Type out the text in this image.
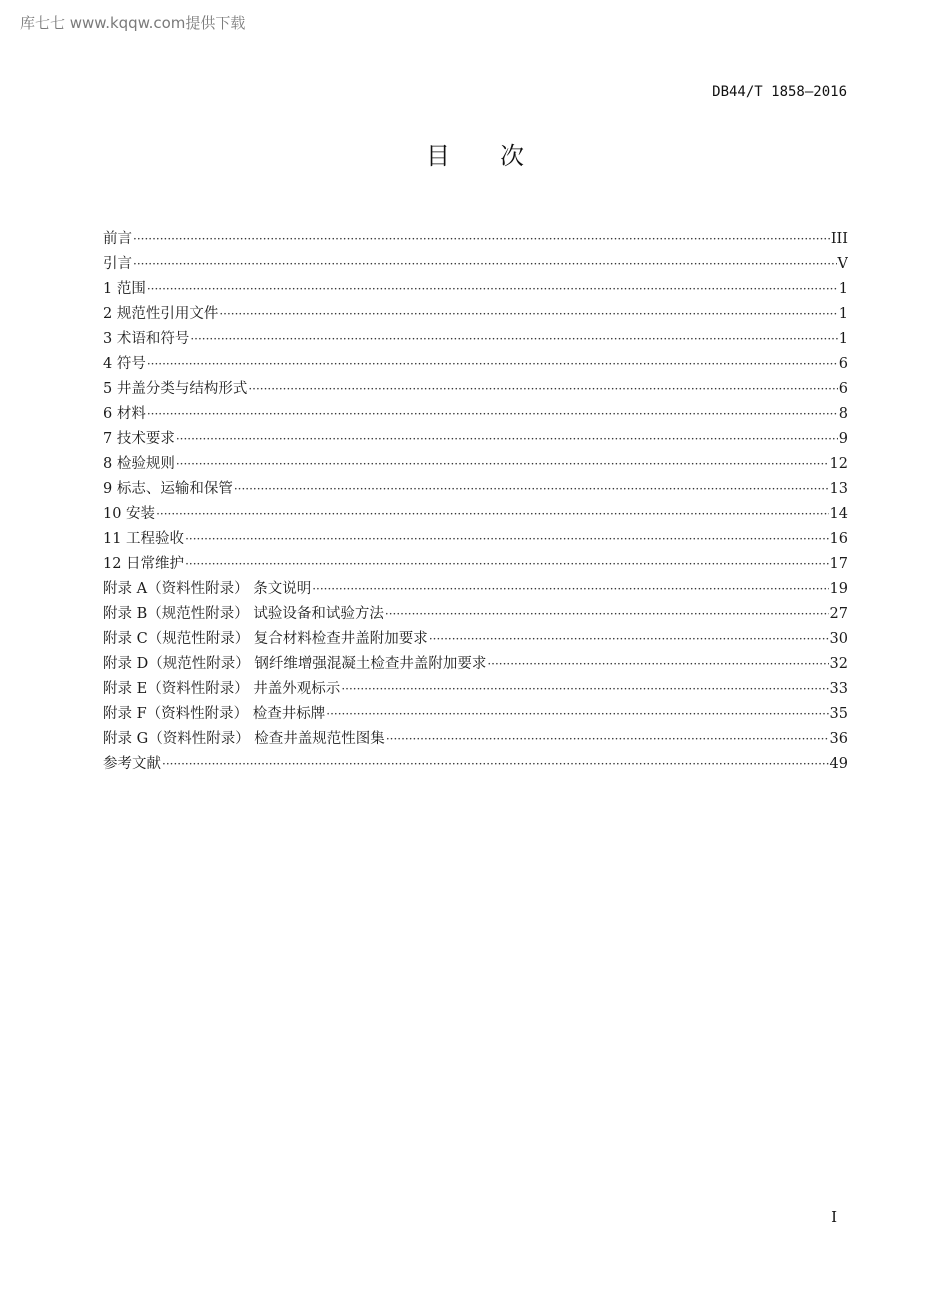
库七七 www.kqqw.com提供下载
DB44/T 1858—2016
目次
前言 ·····	III
引言 ·····	V
1 范围 ·····	1
2 规范性引用文件 ·····	1
3 术语和符号 ·····	1
4 符号 ·····	6
5 井盖分类与结构形式 ·····	6
6 材料 ·····	8
7 技术要求 ·····	9
8 检验规则 ·····	12
9 标志、运输和保管 ·····	13
10 安装 ·····	14
11 工程验收 ·····	16
12 日常维护 ·····	17
附录 A（资料性附录） 条文说明 ·····	19
附录 B（规范性附录） 试验设备和试验方法 ·····	27
附录 C（规范性附录） 复合材料检查井盖附加要求 ·····	30
附录 D（规范性附录） 钢纤维增强混凝土检查井盖附加要求 ·····	32
附录 E（资料性附录） 井盖外观标示 ·····	33
附录 F（资料性附录） 检查井标牌 ·····	35
附录 G（资料性附录） 检查井盖规范性图集 ·····	36
参考文献 ·····	49
I
